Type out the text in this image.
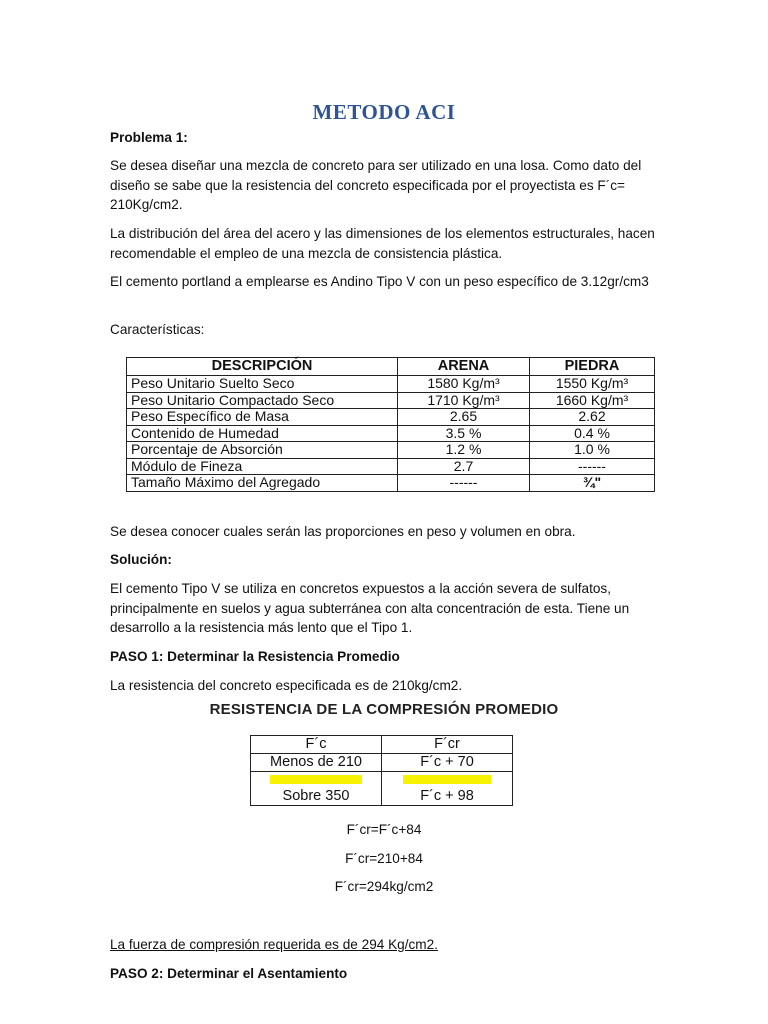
METODO ACI
Problema 1:
Se desea diseñar una mezcla de concreto para ser utilizado en una losa. Como dato del diseño se sabe que la resistencia del concreto especificada por el proyectista es F´c= 210Kg/cm2.
La distribución del área del acero y las dimensiones de los elementos estructurales, hacen recomendable el empleo de una mezcla de consistencia plástica.
El cemento portland a emplearse es Andino Tipo V con un peso específico de 3.12gr/cm3
Características:
DESCRIPCIÓN	ARENA	PIEDRA
Peso Unitario Suelto Seco	1580 Kg/m³	1550 Kg/m³
Peso Unitario Compactado Seco	1710 Kg/m³	1660 Kg/m³
Peso Específico de Masa	2.65	2.62
Contenido de Humedad	3.5 %	0.4 %
Porcentaje de Absorción	1.2 %	1.0 %
Módulo de Fineza	2.7	------
Tamaño Máximo del Agregado	------	¾"
Se desea conocer cuales serán las proporciones en peso y volumen en obra.
Solución:
El cemento Tipo V se utiliza en concretos expuestos a la acción severa de sulfatos, principalmente en suelos y agua subterránea con alta concentración de esta. Tiene un desarrollo a la resistencia más lento que el Tipo 1.
PASO 1: Determinar la Resistencia Promedio
La resistencia del concreto especificada es de 210kg/cm2.
RESISTENCIA DE LA COMPRESIÓN PROMEDIO
F´c	F´cr
Menos de 210	F´c + 70

Sobre 350	F´c + 98
F´cr=F´c+84
F´cr=210+84
F´cr=294kg/cm2
La fuerza de compresión requerida es de 294 Kg/cm2.
PASO 2: Determinar el Asentamiento
